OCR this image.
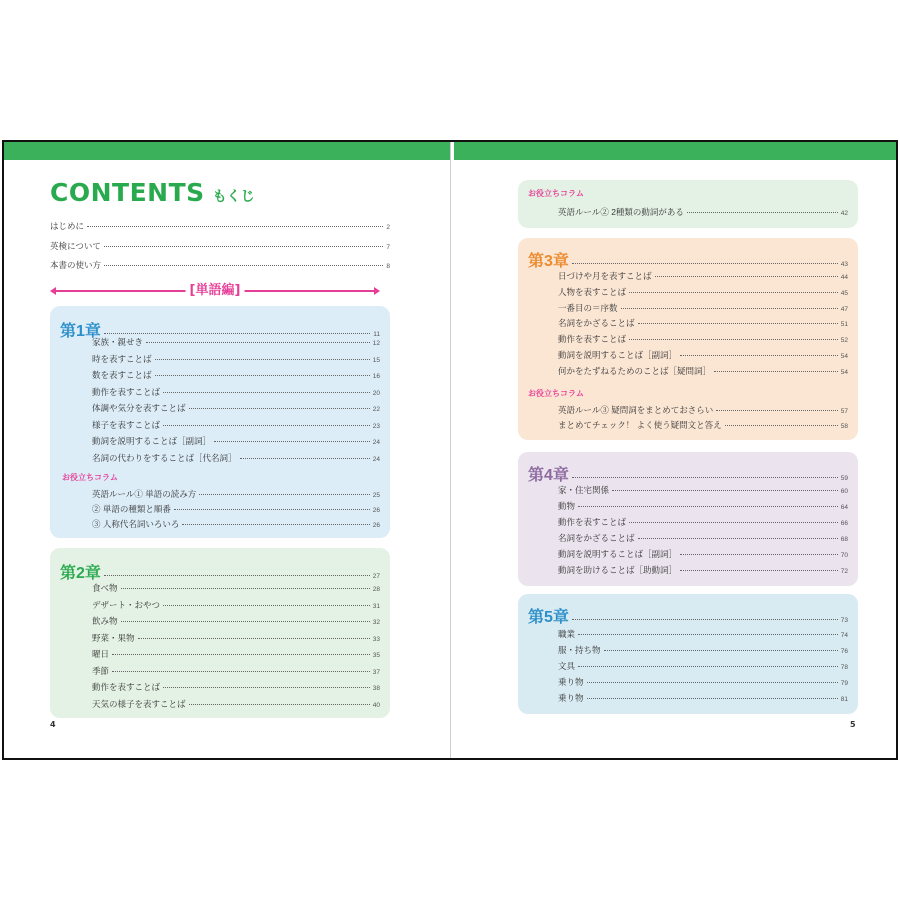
CONTENTS もくじ
はじめに	2
英検について	7
本書の使い方	8
[単語編]
第1章	11
家族・親せき	12
時を表すことば	15
数を表すことば	16
動作を表すことば	20
体調や気分を表すことば	22
様子を表すことば	23
動詞を説明することば［副詞］	24
名詞の代わりをすることば［代名詞］	24
お役立ちコラム
英語ルール① 単語の読み方	25
② 単語の種類と順番	26
③ 人称代名詞いろいろ	26
第2章	27
食べ物	28
デザート・おやつ	31
飲み物	32
野菜・果物	33
曜日	35
季節	37
動作を表すことば	38
天気の様子を表すことば	40
4
お役立ちコラム
英語ルール② 2種類の動詞がある	42
第3章	43
日づけや月を表すことば	44
人物を表すことば	45
一番目の＝序数	47
名詞をかざることば	51
動作を表すことば	52
動詞を説明することば［副詞］	54
何かをたずねるためのことば［疑問詞］	54
お役立ちコラム
英語ルール③ 疑問詞をまとめておさらい	57
まとめてチェック！ よく使う疑問文と答え	58
第4章	59
家・住宅関係	60
動物	64
動作を表すことば	66
名詞をかざることば	68
動詞を説明することば［副詞］	70
動詞を助けることば［助動詞］	72
第5章	73
職業	74
服・持ち物	76
文具	78
乗り物	79
乗り物	81
5
